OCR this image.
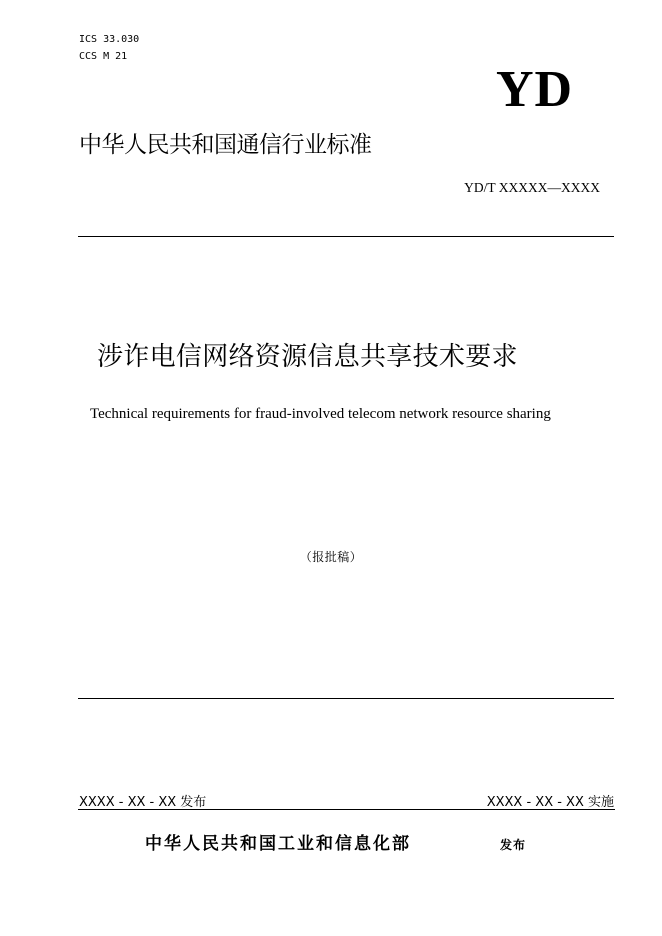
ICS 33.030
CCS M 21
YD
中华人民共和国通信行业标准
YD/T XXXXX—XXXX
涉诈电信网络资源信息共享技术要求
Technical requirements for fraud-involved telecom network resource sharing
（报批稿）
XXXX - XX - XX 发布	XXXX - XX - XX 实施
中华人民共和国工业和信息化部	发布
